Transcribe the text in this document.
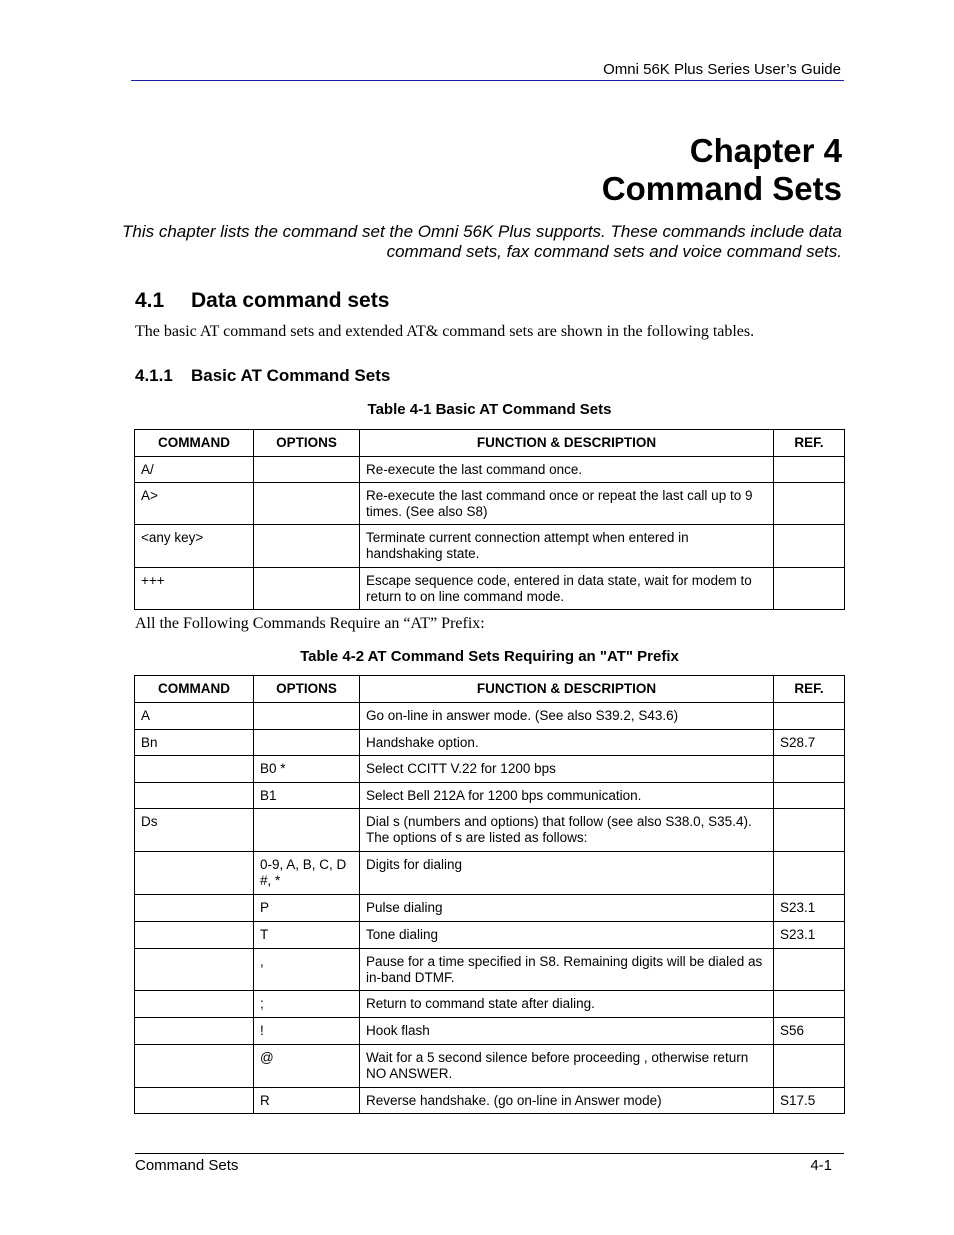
Omni 56K Plus Series User’s Guide
Chapter 4
Command Sets
This chapter lists the command set the Omni 56K Plus supports. These commands include data command sets, fax command sets and voice command sets.
4.1 Data command sets
The basic AT command sets and extended AT& command sets are shown in the following tables.
4.1.1 Basic AT Command Sets
Table 4-1 Basic AT Command Sets
COMMAND	OPTIONS	FUNCTION & DESCRIPTION	REF.
A/		Re-execute the last command once.	
A>		Re-execute the last command once or repeat the last call up to 9 times. (See also S8)	
<any key>		Terminate current connection attempt when entered in handshaking state.	
+++		Escape sequence code, entered in data state, wait for modem to return to on line command mode.	
All the Following Commands Require an “AT” Prefix:
Table 4-2 AT Command Sets Requiring an "AT" Prefix
COMMAND	OPTIONS	FUNCTION & DESCRIPTION	REF.
A		Go on-line in answer mode. (See also S39.2, S43.6)	
Bn		Handshake option.	S28.7
	B0 *	Select CCITT V.22 for 1200 bps	
	B1	Select Bell 212A for 1200 bps communication.	
Ds		Dial s (numbers and options) that follow (see also S38.0, S35.4). The options of s are listed as follows:	
	0-9, A, B, C, D #, *	Digits for dialing	
	P	Pulse dialing	S23.1
	T	Tone dialing	S23.1
	,	Pause for a time specified in S8. Remaining digits will be dialed as in-band DTMF.	
	;	Return to command state after dialing.	
	!	Hook flash	S56
	@	Wait for a 5 second silence before proceeding , otherwise return NO ANSWER.	
	R	Reverse handshake. (go on-line in Answer mode)	S17.5
Command Sets	4-1
